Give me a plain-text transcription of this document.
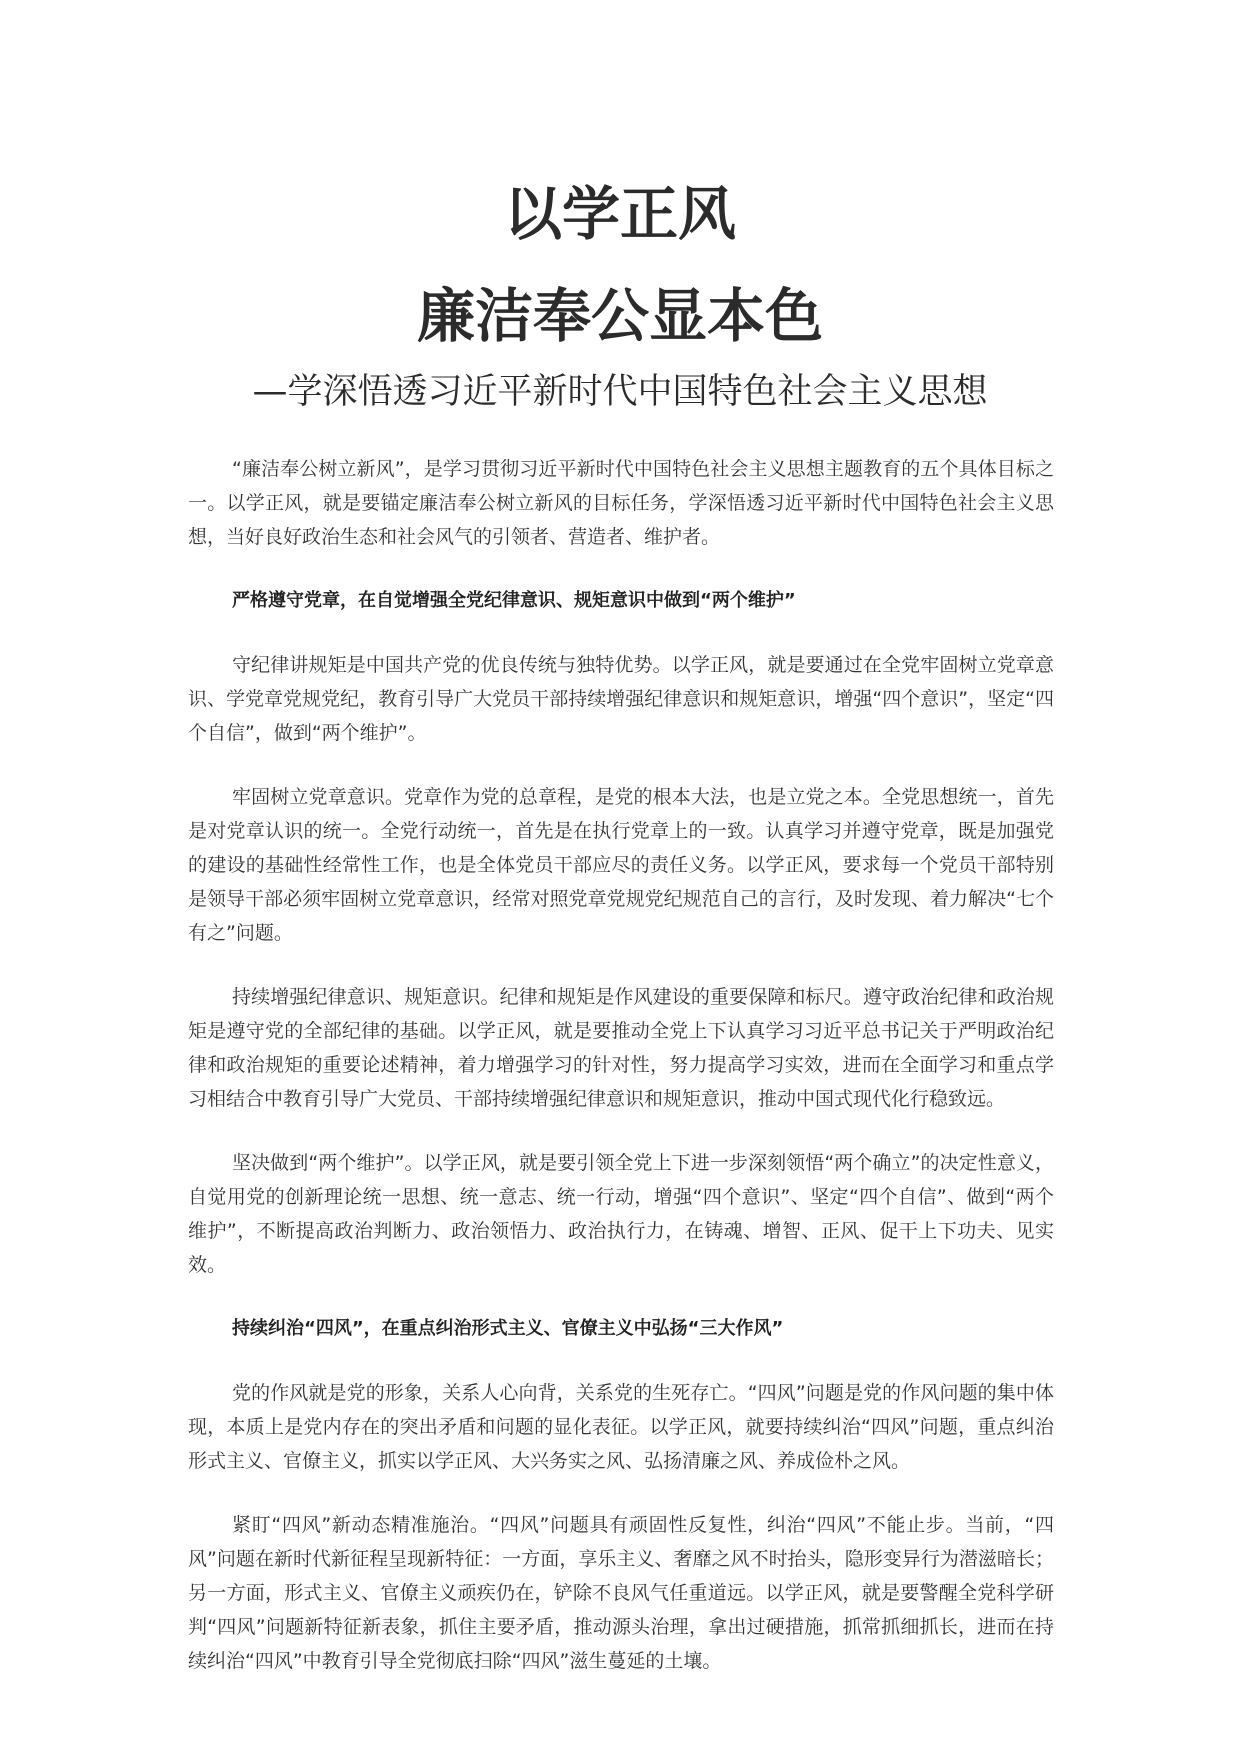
以学正风
廉洁奉公显本色
—学深悟透习近平新时代中国特色社会主义思想

“廉洁奉公树立新风”，是学习贯彻习近平新时代中国特色社会主义思想主题教育的五个具体目标之一。以学正风，就是要锚定廉洁奉公树立新风的目标任务，学深悟透习近平新时代中国特色社会主义思想，当好良好政治生态和社会风气的引领者、营造者、维护者。

严格遵守党章，在自觉增强全党纪律意识、规矩意识中做到“两个维护”

守纪律讲规矩是中国共产党的优良传统与独特优势。以学正风，就是要通过在全党牢固树立党章意识、学党章党规党纪，教育引导广大党员干部持续增强纪律意识和规矩意识，增强“四个意识”，坚定“四个自信”，做到“两个维护”。

牢固树立党章意识。党章作为党的总章程，是党的根本大法，也是立党之本。全党思想统一，首先是对党章认识的统一。全党行动统一，首先是在执行党章上的一致。认真学习并遵守党章，既是加强党的建设的基础性经常性工作，也是全体党员干部应尽的责任义务。以学正风，要求每一个党员干部特别是领导干部必须牢固树立党章意识，经常对照党章党规党纪规范自己的言行，及时发现、着力解决“七个有之”问题。

持续增强纪律意识、规矩意识。纪律和规矩是作风建设的重要保障和标尺。遵守政治纪律和政治规矩是遵守党的全部纪律的基础。以学正风，就是要推动全党上下认真学习习近平总书记关于严明政治纪律和政治规矩的重要论述精神，着力增强学习的针对性，努力提高学习实效，进而在全面学习和重点学习相结合中教育引导广大党员、干部持续增强纪律意识和规矩意识，推动中国式现代化行稳致远。

坚决做到“两个维护”。以学正风，就是要引领全党上下进一步深刻领悟“两个确立”的决定性意义，自觉用党的创新理论统一思想、统一意志、统一行动，增强“四个意识”、坚定“四个自信”、做到“两个维护”，不断提高政治判断力、政治领悟力、政治执行力，在铸魂、增智、正风、促干上下功夫、见实效。

持续纠治“四风”，在重点纠治形式主义、官僚主义中弘扬“三大作风”

党的作风就是党的形象，关系人心向背，关系党的生死存亡。“四风”问题是党的作风问题的集中体现，本质上是党内存在的突出矛盾和问题的显化表征。以学正风，就要持续纠治“四风”问题，重点纠治形式主义、官僚主义，抓实以学正风、大兴务实之风、弘扬清廉之风、养成俭朴之风。

紧盯“四风”新动态精准施治。“四风”问题具有顽固性反复性，纠治“四风”不能止步。当前，“四风”问题在新时代新征程呈现新特征：一方面，享乐主义、奢靡之风不时抬头，隐形变异行为潜滋暗长；另一方面，形式主义、官僚主义顽疾仍在，铲除不良风气任重道远。以学正风，就是要警醒全党科学研判“四风”问题新特征新表象，抓住主要矛盾，推动源头治理，拿出过硬措施，抓常抓细抓长，进而在持续纠治“四风”中教育引导全党彻底扫除“四风”滋生蔓延的土壤。
